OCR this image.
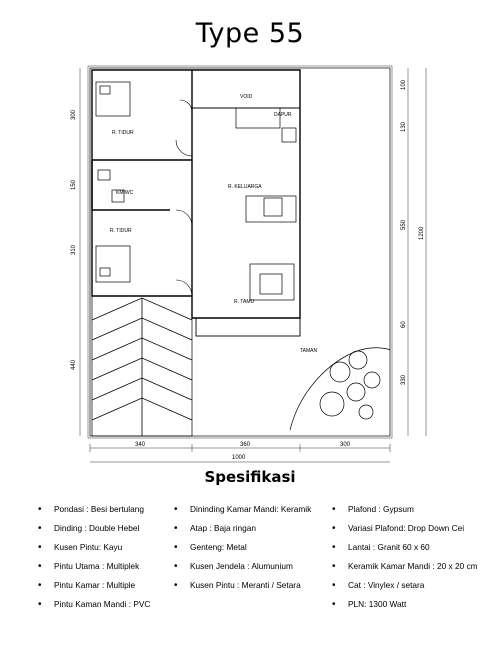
Type 55
VOID
DAPUR
R. TIDUR
KM/WC
R. KELUARGA
R. TIDUR
R. TAMU
TAMAN
340	360	300
1000
300
150
310
440
100
130
550
60
330
1200
Spesifikasi
• Pondasi : Besi bertulang
• Dinding : Double Hebel
• Kusen Pintu: Kayu
• Pintu Utama : Multiplek
• Pintu Kamar : Multiple
• Pintu Kaman Mandi : PVC
• Dininding Kamar Mandi: Keramik
• Atap : Baja ringan
• Genteng: Metal
• Kusen Jendela : Alumunium
• Kusen Pintu : Meranti / Setara
• Plafond : Gypsum
• Variasi Plafond: Drop Down Cei
• Lantai : Granit 60 x 60
• Keramik Kamar Mandi : 20 x 20 cm
• Cat : Vinylex / setara
• PLN: 1300 Watt
